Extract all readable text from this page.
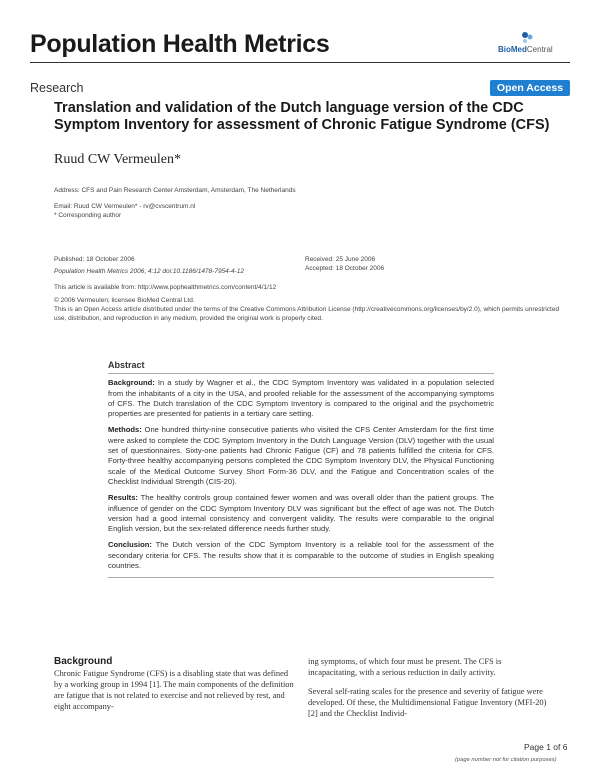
Population Health Metrics	BioMedCentral
Research	Open Access
Translation and validation of the Dutch language version of the CDC Symptom Inventory for assessment of Chronic Fatigue Syndrome (CFS)
Ruud CW Vermeulen*
Address: CFS and Pain Research Center Amsterdam, Amsterdam, The Netherlands
Email: Ruud CW Vermeulen* - rv@cvscentrum.nl
* Corresponding author
Published: 18 October 2006
Population Health Metrics 2006, 4:12 doi:10.1186/1478-7954-4-12
Received: 25 June 2006
Accepted: 18 October 2006
This article is available from: http://www.pophealthmetrics.com/content/4/1/12
© 2006 Vermeulen; licensee BioMed Central Ltd.
This is an Open Access article distributed under the terms of the Creative Commons Attribution License (http://creativecommons.org/licenses/by/2.0), which permits unrestricted use, distribution, and reproduction in any medium, provided the original work is properly cited.
Abstract
Background: In a study by Wagner et al., the CDC Symptom Inventory was validated in a population selected from the inhabitants of a city in the USA, and proofed reliable for the assessment of the accompanying symptoms of CFS. The Dutch translation of the CDC Symptom Inventory is compared to the original and the psychometric properties are presented for patients in a tertiary care setting.
Methods: One hundred thirty-nine consecutive patients who visited the CFS Center Amsterdam for the first time were asked to complete the CDC Symptom Inventory in the Dutch Language Version (DLV) together with the usual set of questionnaires. Sixty-one patients had Chronic Fatigue (CF) and 78 patients fulfilled the criteria for CFS. Forty-three healthy accompanying persons completed the CDC Symptom Inventory DLV, the Physical Functioning scale of the Medical Outcome Survey Short Form-36 DLV, and the Fatigue and Concentration scales of the Checklist Individual Strength (CIS-20).
Results: The healthy controls group contained fewer women and was overall older than the patient groups. The influence of gender on the CDC Symptom Inventory DLV was significant but the effect of age was not. The Dutch version had a good internal consistency and convergent validity. The results were comparable to the original English version, but the sex-related difference needs further study.
Conclusion: The Dutch version of the CDC Symptom Inventory is a reliable tool for the assessment of the secondary criteria for CFS. The results show that it is comparable to the outcome of studies in English speaking countries.
Background
Chronic Fatigue Syndrome (CFS) is a disabling state that was defined by a working group in 1994 [1]. The main components of the definition are fatigue that is not related to exercise and not relieved by rest, and eight accompany-

ing symptoms, of which four must be present. The CFS is incapacitating, with a serious reduction in daily activity.

Several self-rating scales for the presence and severity of fatigue were developed. Of these, the Multidimensional Fatigue Inventory (MFI-20) [2] and the Checklist Individ-

Page 1 of 6
(page number not for citation purposes)
